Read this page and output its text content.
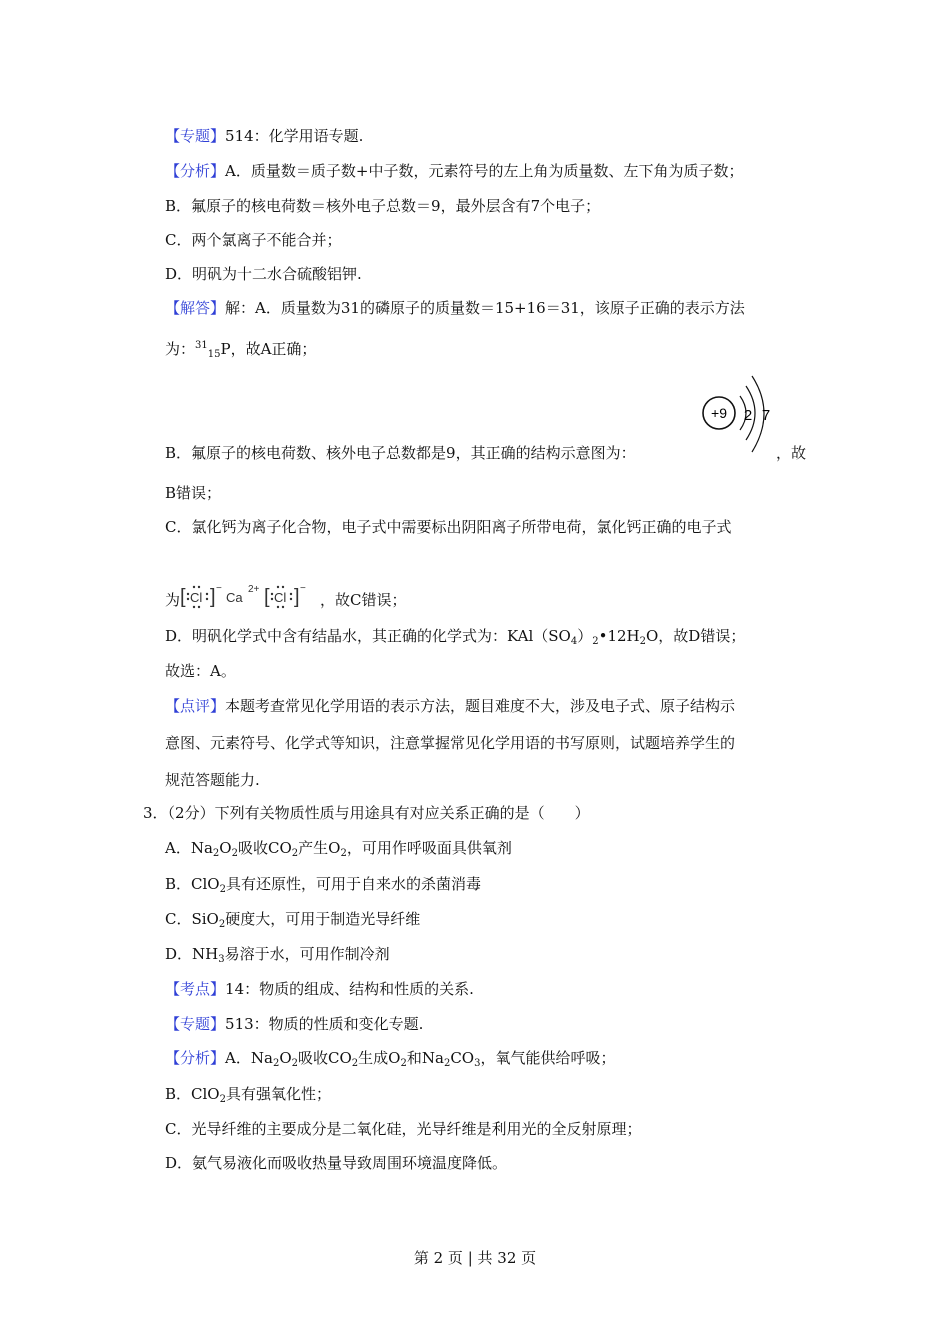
【 专题 】 514：化学用语专题.
【 分析 】 A．质量数＝质子数+中子数，元素符号的左上角为质量数、左下角为质子数；
B．氟原子的核电荷数＝核外电子总数＝9，最外层含有7个电子；
C．两个氯离子不能合并；
D．明矾为十二水合硫酸铝钾.
【 解答 】 解：A．质量数为31的磷原子的质量数＝15+16＝31，该原子正确的表示方法
为：$^{31}_{15}$P，故A正确；
+9 2 7
B．氟原子的核电荷数、核外电子总数都是9，其正确的结构示意图为：	，故
B错误；
C．氯化钙为离子化合物，电子式中需要标出阴阳离子所带电荷，氯化钙正确的电子式
为 [ Cl ] −
Ca
2+ [ Cl ] −
，故C错误；
D．明矾化学式中含有结晶水，其正确的化学式为：$KAl(SO_4)_2•12H_2O$，故D错误；
故选：A。
【 点评 】 本题考查常见化学用语的表示方法，题目难度不大，涉及电子式、原子结构示
意图、元素符号、化学式等知识，注意掌握常见化学用语的书写原则，试题培养学生的
规范答题能力.
3．（2分）下列有关物质性质与用途具有对应关系正确的是（　　）
A．$Na_2O_2$吸收$CO_2$产生$O_2$，可用作呼吸面具供氧剂
B．ClO$_2$具有还原性，可用于自来水的杀菌消毒
C．SiO$_2$硬度大，可用于制造光导纤维
D．$NH_3$易溶于水，可用作制冷剂
【 考点 】 14：物质的组成、结构和性质的关系.
【 专题 】 513：物质的性质和变化专题.
【 分析 】 A．$Na_2O_2$吸收$CO_2$生成$O_2$和$Na_2CO_3$，氧气能供给呼吸；
B．ClO$_2$具有强氧化性；
C．光导纤维的主要成分是二氧化硅，光导纤维是利用光的全反射原理；
D．氨气易液化而吸收热量导致周围环境温度降低。
第 2 页 | 共 32 页
